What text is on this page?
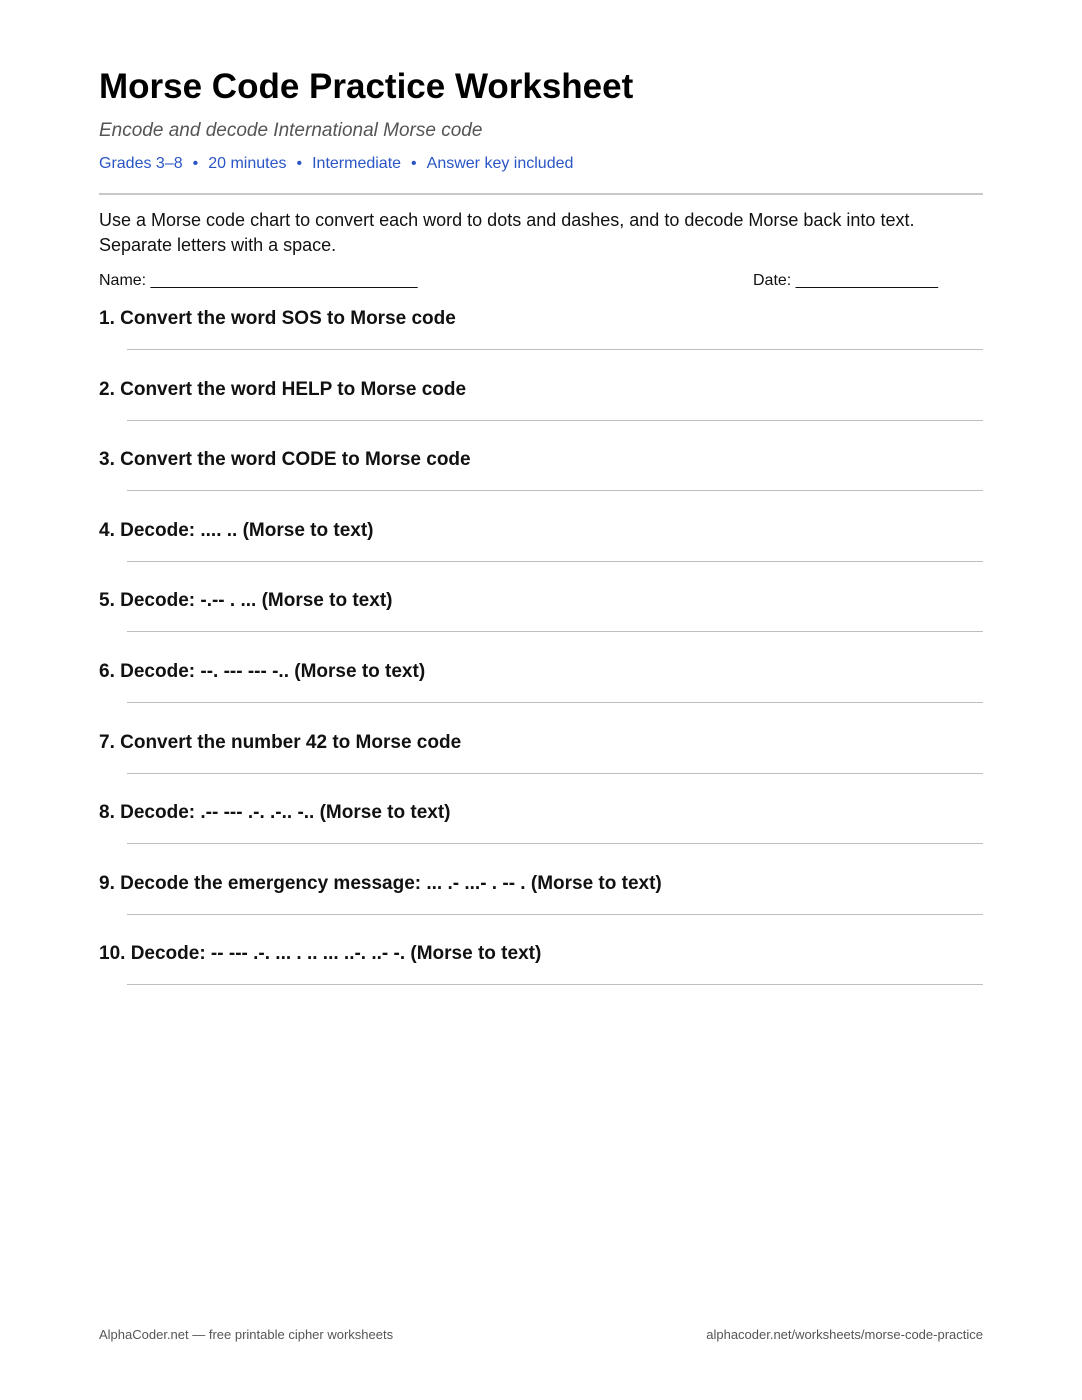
Morse Code Practice Worksheet
Encode and decode International Morse code
Grades 3–8 • 20 minutes • Intermediate • Answer key included
Use a Morse code chart to convert each word to dots and dashes, and to decode Morse back into text. Separate letters with a space.
Name: ______________________________	Date: ________________
1. Convert the word SOS to Morse code
2. Convert the word HELP to Morse code
3. Convert the word CODE to Morse code
4. Decode: .... .. (Morse to text)
5. Decode: -.-- . ... (Morse to text)
6. Decode: --. --- --- -.. (Morse to text)
7. Convert the number 42 to Morse code
8. Decode: .-- --- .-. .-.. -.. (Morse to text)
9. Decode the emergency message: ... .- ...- . -- . (Morse to text)
10. Decode: -- --- .-. ... . .. ... ..-. ..- -. (Morse to text)
AlphaCoder.net — free printable cipher worksheets	alphacoder.net/worksheets/morse-code-practice
